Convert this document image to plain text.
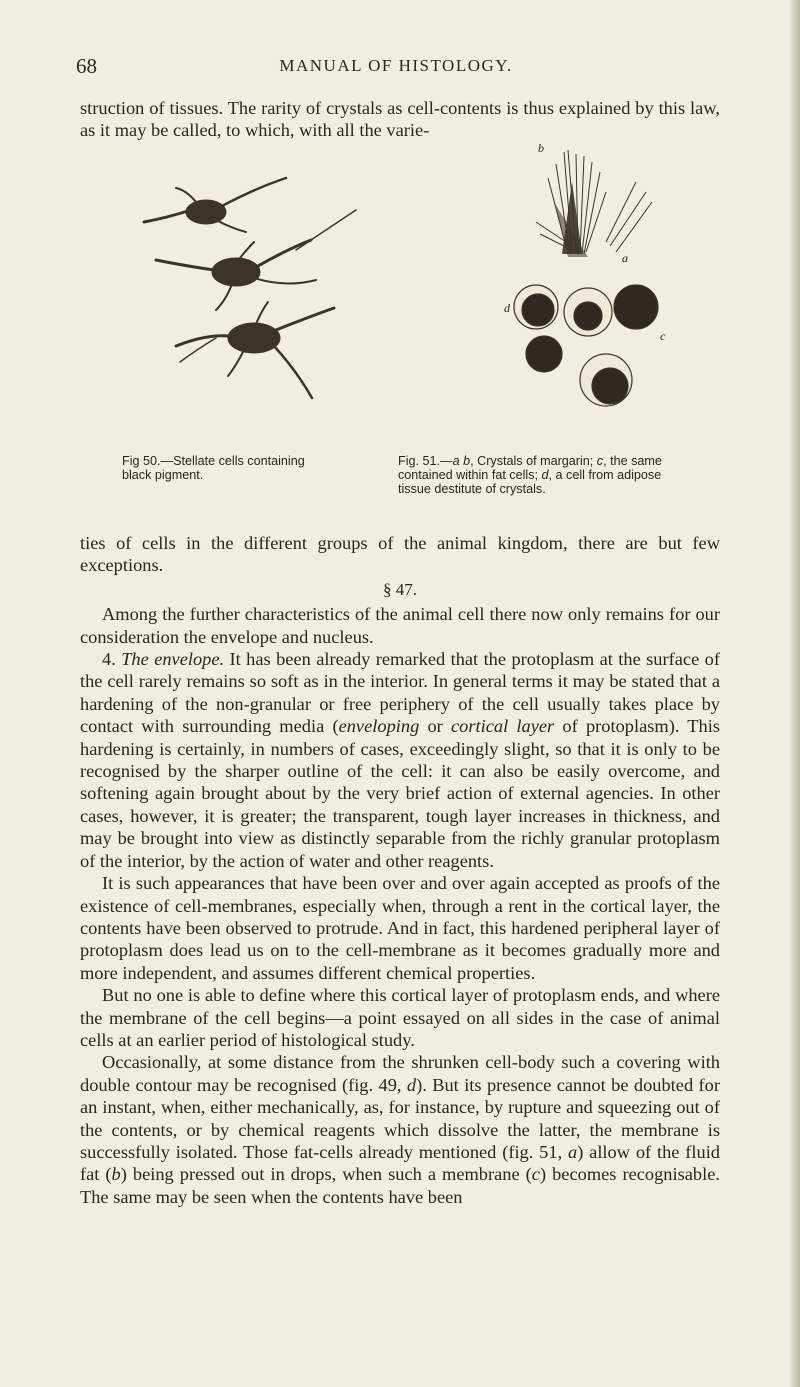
68	MANUAL OF HISTOLOGY.

struction of tissues. The rarity of crystals as cell-contents is thus explained by this law, as it may be called, to which, with all the varie-

b
a
d
c
Fig 50.—Stellate cells containing black pigment.
Fig. 51.—a b, Crystals of margarin; c, the same contained within fat cells; d, a cell from adipose tissue destitute of crystals.

ties of cells in the different groups of the animal kingdom, there are but few exceptions.

§ 47.

Among the further characteristics of the animal cell there now only remains for our consideration the envelope and nucleus.

4. The envelope. It has been already remarked that the protoplasm at the surface of the cell rarely remains so soft as in the interior. In general terms it may be stated that a hardening of the non-granular or free periphery of the cell usually takes place by contact with surrounding media (enveloping or cortical layer of protoplasm). This hardening is certainly, in numbers of cases, exceedingly slight, so that it is only to be recognised by the sharper outline of the cell: it can also be easily overcome, and softening again brought about by the very brief action of external agencies. In other cases, however, it is greater; the transparent, tough layer increases in thickness, and may be brought into view as distinctly separable from the richly granular protoplasm of the interior, by the action of water and other reagents.

It is such appearances that have been over and over again accepted as proofs of the existence of cell-membranes, especially when, through a rent in the cortical layer, the contents have been observed to protrude. And in fact, this hardened peripheral layer of protoplasm does lead us on to the cell-membrane as it becomes gradually more and more independent, and assumes different chemical properties.

But no one is able to define where this cortical layer of protoplasm ends, and where the membrane of the cell begins—a point essayed on all sides in the case of animal cells at an earlier period of histological study.

Occasionally, at some distance from the shrunken cell-body such a covering with double contour may be recognised (fig. 49, d). But its presence cannot be doubted for an instant, when, either mechanically, as, for instance, by rupture and squeezing out of the contents, or by chemical reagents which dissolve the latter, the membrane is successfully isolated. Those fat-cells already mentioned (fig. 51, a) allow of the fluid fat (b) being pressed out in drops, when such a membrane (c) becomes recognisable. The same may be seen when the contents have been
